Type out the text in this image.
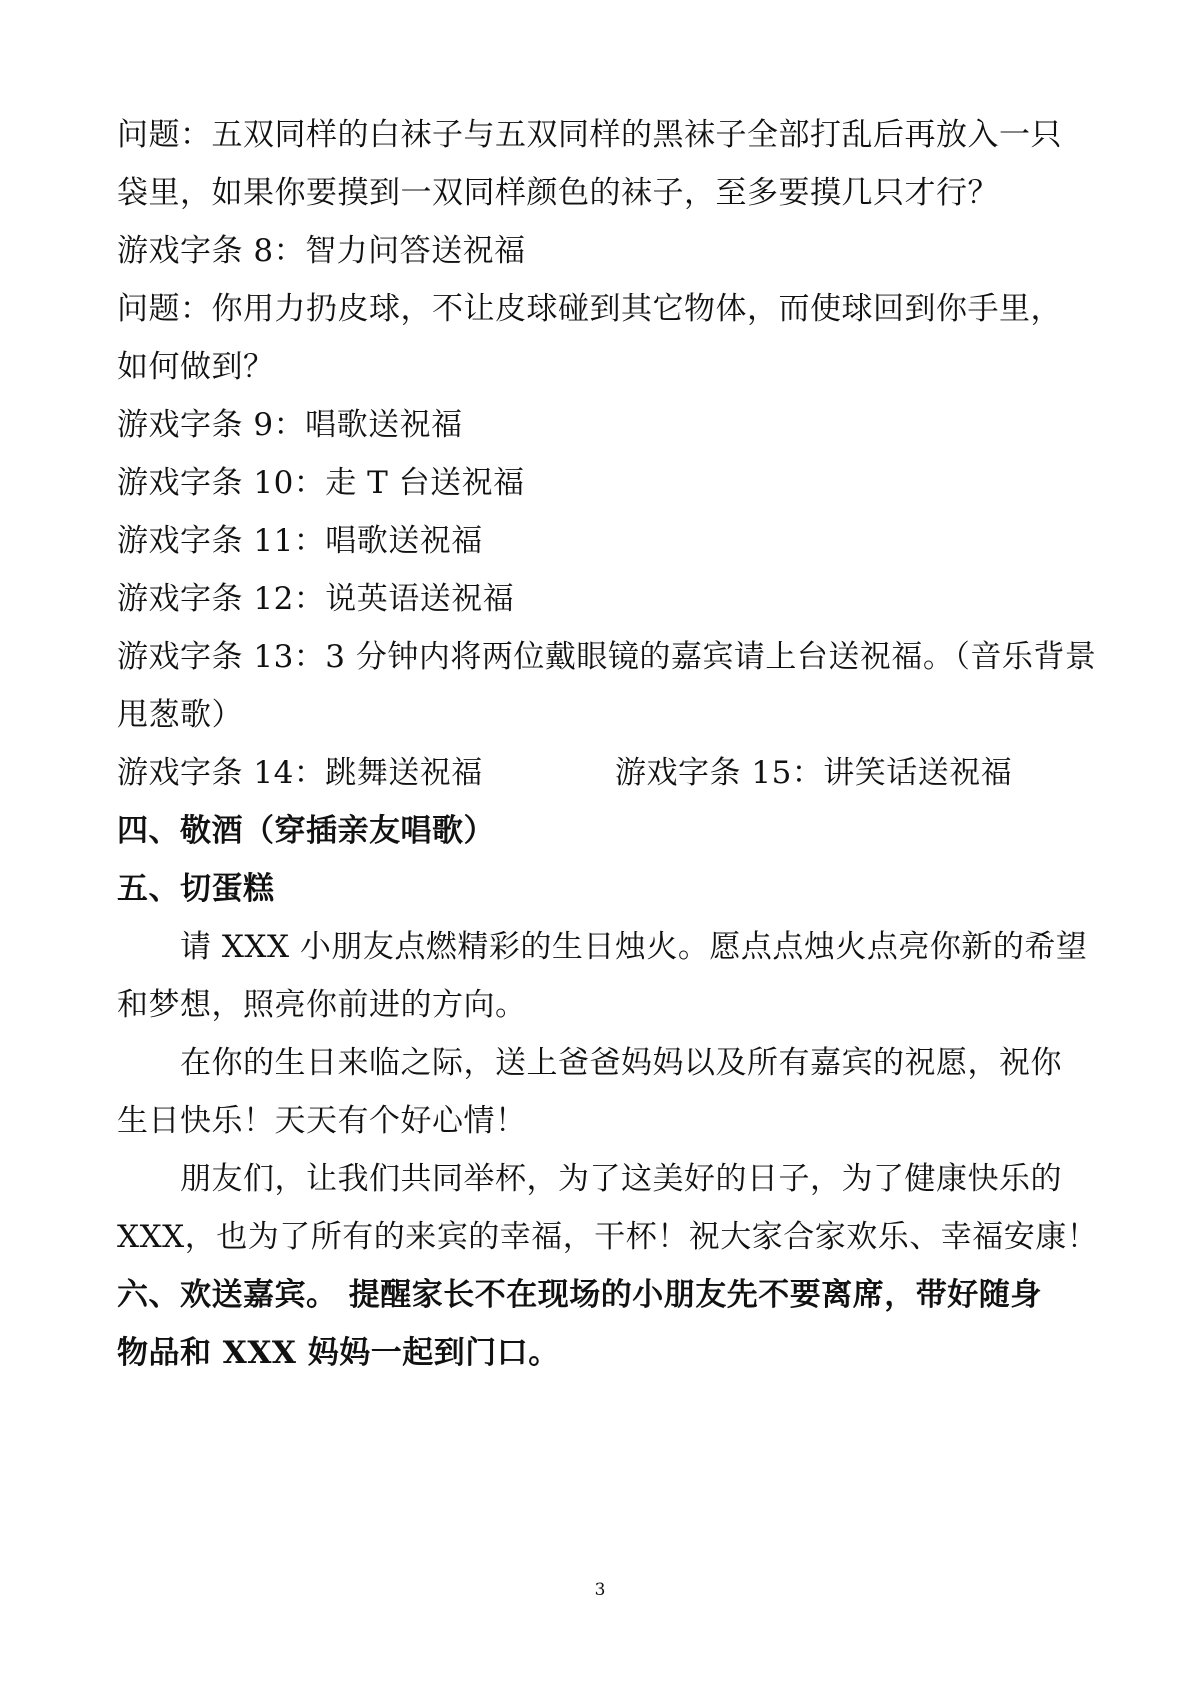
问题：五双同样的白袜子与五双同样的黑袜子全部打乱后再放入一只
袋里，如果你要摸到一双同样颜色的袜子，至多要摸几只才行？
游戏字条 8：智力问答送祝福
问题：你用力扔皮球，不让皮球碰到其它物体，而使球回到你手里，
如何做到？
游戏字条 9：唱歌送祝福
游戏字条 10：走 T 台送祝福
游戏字条 11：唱歌送祝福
游戏字条 12：说英语送祝福
游戏字条 13：3 分钟内将两位戴眼镜的嘉宾请上台送祝福。（音乐背景
甩葱歌）
游戏字条 14：跳舞送祝福	游戏字条 15：讲笑话送祝福
四、敬酒（穿插亲友唱歌）
五、切蛋糕
请 XXX 小朋友点燃精彩的生日烛火。愿点点烛火点亮你新的希望
和梦想，照亮你前进的方向。
在你的生日来临之际，送上爸爸妈妈以及所有嘉宾的祝愿，祝你
生日快乐！天天有个好心情！
朋友们，让我们共同举杯，为了这美好的日子，为了健康快乐的
XXX，也为了所有的来宾的幸福，干杯！祝大家合家欢乐、幸福安康！
六、欢送嘉宾。 提醒家长不在现场的小朋友先不要离席，带好随身
物品和 XXX 妈妈一起到门口。
3
